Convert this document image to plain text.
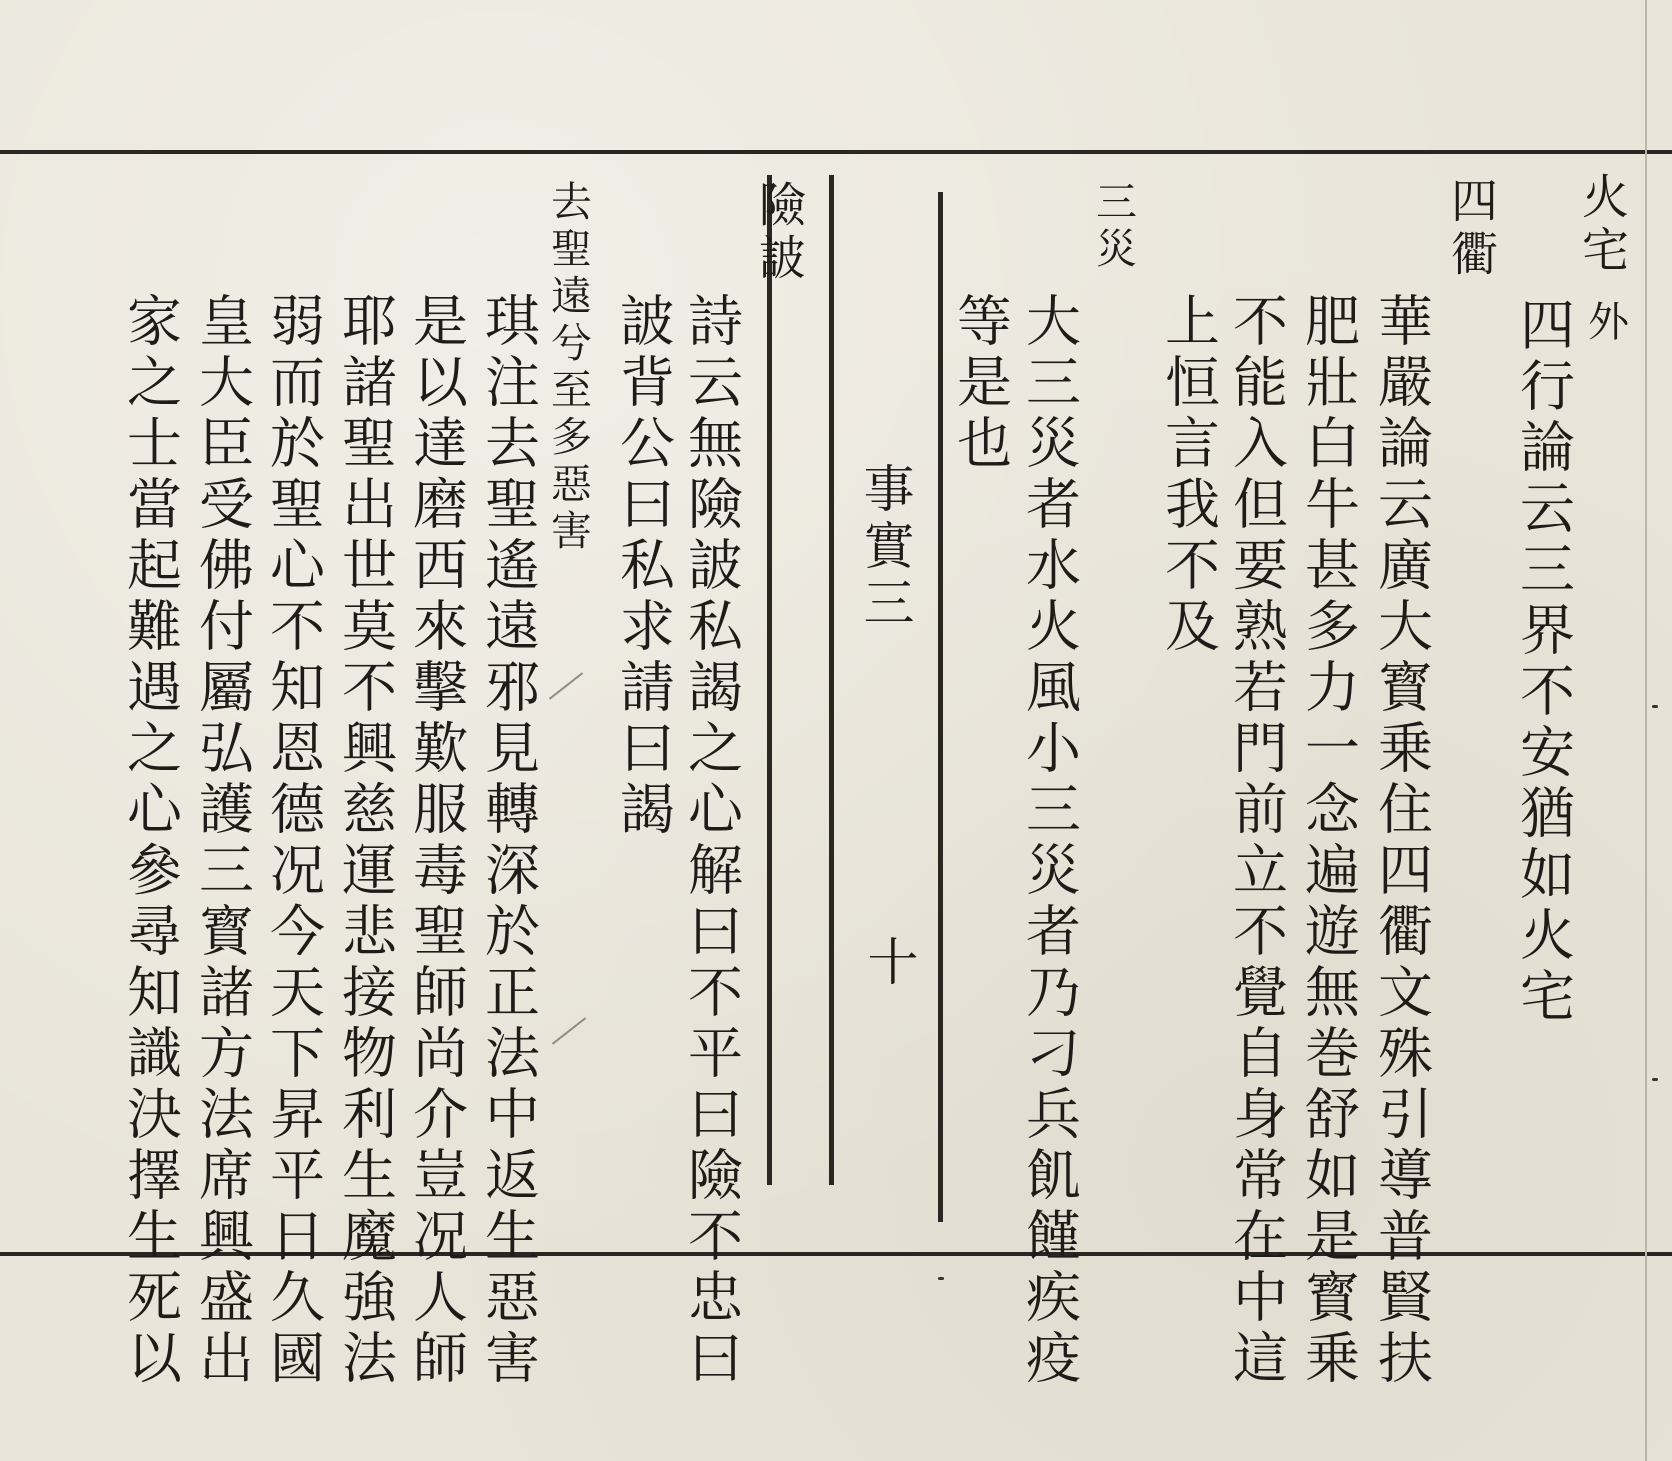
火宅
外
四行論云三界不安猶如火宅
四衢
華嚴論云廣大寳乗住四衢文殊引導普賢扶
肥壯白牛甚多力一念遍遊無巻舒如是寳乗
不能入但要熟若門前立不覺自身常在中這
上恒言我不及
三災
大三災者水火風小三災者乃刁兵飢饉疾疫
等是也
事實三
十
險詖
詩云無險詖私謁之心解曰不平曰險不忠曰
詖背公曰私求請曰謁
去聖遠兮至多惡害
琪注去聖遙遠邪見轉深於正法中返生惡害
是以達磨西來擊歎服毒聖師尚介豈况人師
耶諸聖出世莫不興慈運悲接物利生魔強法
弱而於聖心不知恩德况今天下昇平日久國
皇大臣受佛付屬弘護三寳諸方法席興盛出
家之士當起難遇之心參尋知識決擇生死以
